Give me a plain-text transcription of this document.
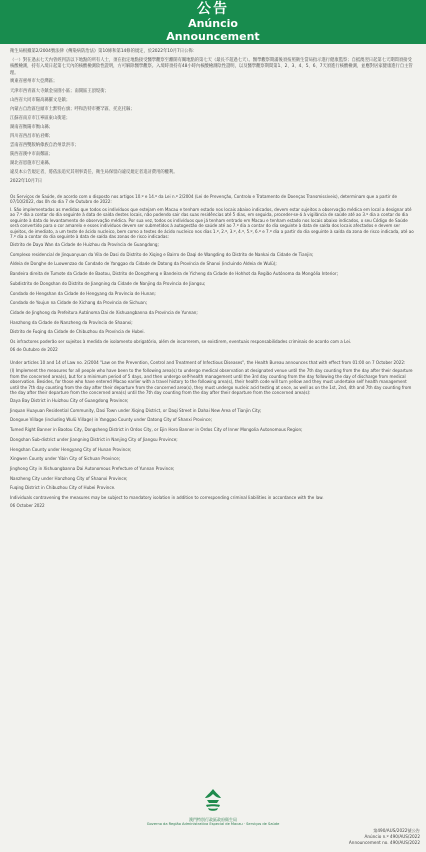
公告
Anúncio
Announcement

衛生局根據第2/2004號法律《傳染病防治法》第10條和第14條的規定，於2022年10月7日公佈：

（一）對在過去七天內曾經到訪以下地點的所有人士，須在指定地點接受醫學觀察至離開有關地點的第七天（最長不超過七天）。醫學觀察期滿後須按照衛生當局指示進行健康監察；自抵澳翌日起第七天期間須接受核酸檢測，持有入境日起第七天內的核酸檢測陰性證明，方可解除醫學觀察。入境時須持有48小時內核酸檢測陰性證明，以及醫學觀察期間第1、2、3、4、5、6、7天須進行核酸檢測，並應對居家健康進行自主管理。

廣東省惠州市大亞灣區；

天津市西青區大寺鎮金泉園小區；南開區王頂堤街；

山西省大同市陽高縣羅文皂鎮；

內蒙古自治區包頭市土默特右旗；呼和浩特市賽罕區、托克托縣；

江蘇省南京市江寧區東山街道；

湖南省衡陽市衡山縣；

四川省西昌市佑君鄉；

雲南省西雙版納傣族自治州景洪市；

陝西省漢中市南鄭區；

湖北省恩施市巴東縣。

違反本公告規定者，將依法追究其刑事責任，衛生局保留向違反規定者追討費用的權利。

2022年10月7日

Os Serviços de Saúde, de acordo com o disposto nos artigos 10.º e 14.º da Lei n.º 2/2004 (Lei de Prevenção, Controlo e Tratamento de Doenças Transmissíveis), determinam que a partir de 07/10/2022, das 0h do dia 7 de Outubro de 2022:

I. São implementadas as medidas que todos os indivíduos que estejam em Macau e tenham estado nos locais abaixo indicados, devem estar sujeitos a observação médica em local a designar até ao 7.º dia a contar do dia seguinte à data de saída destes locais, não podendo sair das suas residências até 5 dias, em seguida, proceder-se-á à vigilância de saúde até ao 3.º dia a contar do dia seguinte à data do levantamento de observação médica. Por sua vez, todos os indivíduos que já tenham entrado em Macau e tenham estado nos locais abaixo indicados, o seu Código de Saúde será convertido para o cor amarelo e esses indivíduos devem ser submetidos à autogestão de saúde até ao 7.º dia a contar do dia seguinte à data de saída dos locais afectados e devem ser sujeitos, de imediato, a um teste de ácido nucleico, bem como a testes de ácido nucleico nos dias 1.º, 2.º, 3.º, 4.º, 5.º, 6.º e 7.º dia a partir do dia seguinte à saída da zona de risco indicada, até ao 7.º dia a contar do dia seguinte à data de saída das zonas de risco indicadas:

Distrito de Daya Wan da Cidade de Huizhou da Província de Guangdong;

Complexo residencial de Jinquanyuan da Vila de Dasi do Distrito de Xiqing e Bairro de Daqi de Wangding do Distrito de Nankai da Cidade de Tianjin;

Aldeia de Donghe de Luowenzao do Condado de Yanggao da Cidade de Datong da Província de Shanxi (incluindo Aldeia de Wulü);

Bandeira direita de Tumote da Cidade de Baotou, Distrito de Dongzheng e Bandeira de Yicheng da Cidade de Hohhot da Região Autónoma da Mongólia Interior;

Subdistrito de Dongshan do Distrito de Jiangning da Cidade de Nanjing da Província de Jiangsu;

Condado de Hengshan da Cidade de Hengyang da Província de Hunan;

Condado de Youjun na Cidade de Xichang da Província de Sichuan;

Cidade de Jinghong da Prefeitura Autónoma Dai de Xishuangbanna da Província de Yunnan;

Hanzhong da Cidade de Nanzheng da Província de Shaanxi;

Distrito de Fuqing da Cidade de Chibuzhou da Província de Hubei.

Os infractores poderão ser sujeitos à medida de isolamento obrigatório, além de incorrerem, se existirem, eventuais responsabilidades criminais de acordo com a Lei.

06 de Outubro de 2022

Under articles 10 and 14 of Law no. 2/2004 "Law on the Prevention, Control and Treatment of Infectious Diseases", the Health Bureau announces that with effect from 01:00 on 7 October 2022:

(I) Implement the measures for all people who have been to the following area(s) to undergo medical observation at designated venue until the 7th day counting from the day after their departure from the concerned area(s), but for a minimum period of 5 days, and then undergo self-health management until the 3rd day counting from the day following the day of discharge from medical observation. Besides, for those who have entered Macao earlier with a travel history to the following area(s), their health code will turn yellow and they must undertake self health management until the 7th day counting from the day after their departure from the concerned area(s), they must undergo nucleic acid testing at once, as well as on the 1st, 2nd, 4th and 7th day counting from the day after their departure from the concerned area(s) until the 7th day counting from the day after their departure from the concerned area(s):

Daya Bay District in Huizhou City of Guangdong Province;

Jinquan Huayuan Residential Community, Dasi Town under Xiqing District, or Daqi Street in Dahai New Area of Tianjin City;

Dongxue Village (including Wulü Village) in Yanggao County under Datong City of Shanxi Province;

Tumed Right Banner in Baotou City, Dongsheng District in Ordos City, or Ejin Horo Banner in Ordos City of Inner Mongolia Autonomous Region;

Dongshan Sub-district under Jiangning District in Nanjing City of Jiangsu Province;

Hengshan County under Hengyang City of Hunan Province;

Xingwen County under Yibin City of Sichuan Province;

Jinghong City in Xishuangbanna Dai Autonomous Prefecture of Yunnan Province;

Nanzheng City under Hanzhong City of Shaanxi Province;

Fuqing District in Chibuzhou City of Hubei Province.

Individuals contravening the measures may be subject to mandatory isolation in addition to corresponding criminal liabilities in accordance with the law.

06 October 2022

澳門特別行政區政府衛生局
Governo da Região Administrativa Especial de Macau · Serviços de Saúde
第490/AUS/2022號公告
Anúncio n.º 490/AUS/2022
Announcement no. 490/AUS/2022
